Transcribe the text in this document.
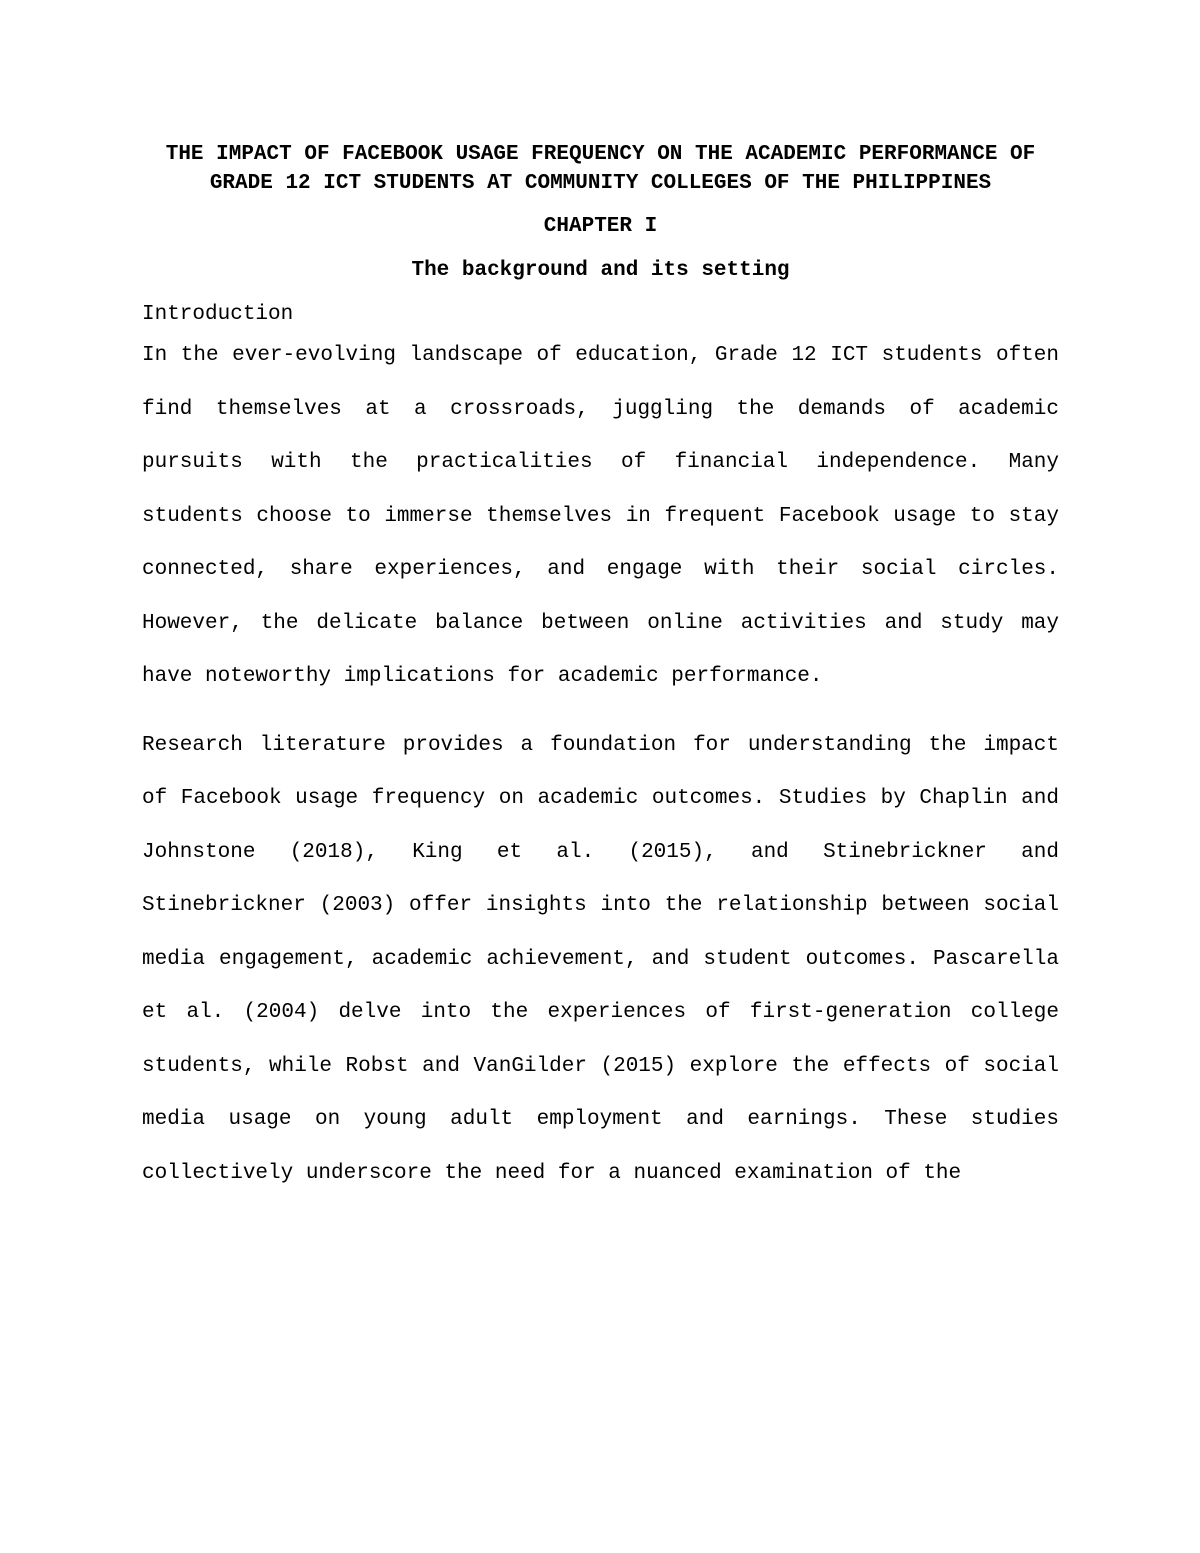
THE IMPACT OF FACEBOOK USAGE FREQUENCY ON THE ACADEMIC PERFORMANCE OF GRADE 12 ICT STUDENTS AT COMMUNITY COLLEGES OF THE PHILIPPINES

CHAPTER I

The background and its setting

Introduction

In the ever-evolving landscape of education, Grade 12 ICT students often find themselves at a crossroads, juggling the demands of academic pursuits with the practicalities of financial independence. Many students choose to immerse themselves in frequent Facebook usage to stay connected, share experiences, and engage with their social circles. However, the delicate balance between online activities and study may have noteworthy implications for academic performance.

Research literature provides a foundation for understanding the impact of Facebook usage frequency on academic outcomes. Studies by Chaplin and Johnstone (2018), King et al. (2015), and Stinebrickner and Stinebrickner (2003) offer insights into the relationship between social media engagement, academic achievement, and student outcomes. Pascarella et al. (2004) delve into the experiences of first-generation college students, while Robst and VanGilder (2015) explore the effects of social media usage on young adult employment and earnings. These studies collectively underscore the need for a nuanced examination of the
